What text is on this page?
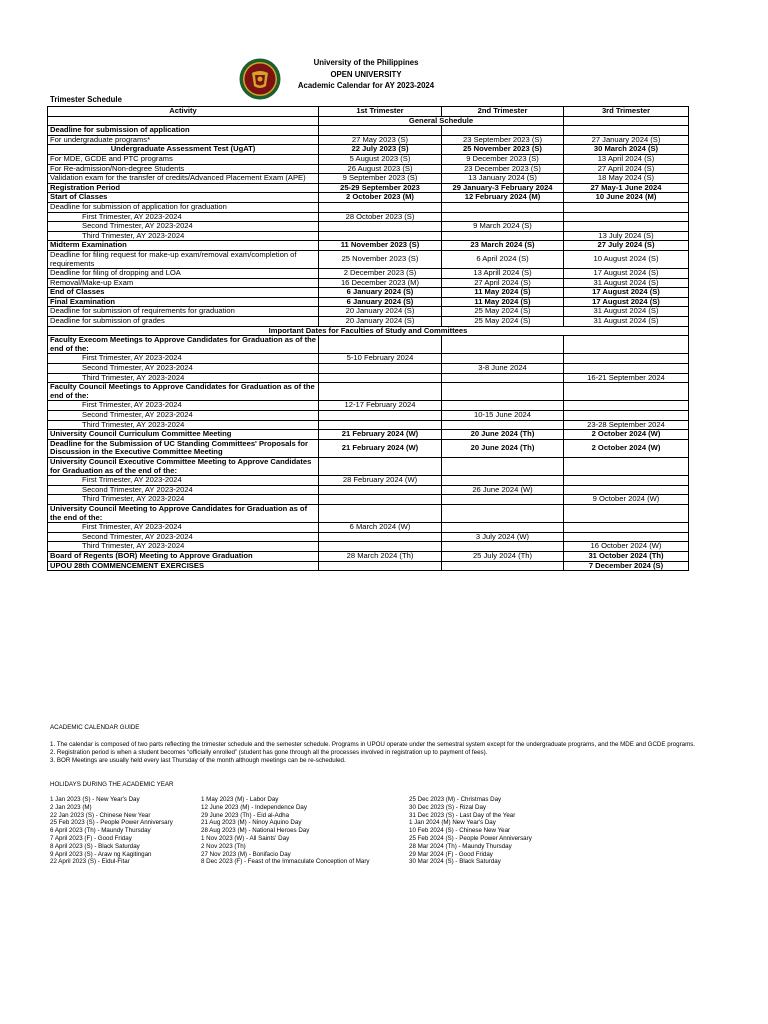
University of the Philippines
OPEN UNIVERSITY
Academic Calendar for AY 2023-2024
Trimester Schedule
Activity	1st Trimester	2nd Trimester	3rd Trimester
	General Schedule		
Deadline for submission of application			
For undergraduate programs*	27 May 2023 (S)	23 September 2023 (S)	27 January 2024 (S)
Undergraduate Assessment Test (UgAT)	22 July 2023 (S)	25 November 2023 (S)	30 March 2024 (S)
For MDE, GCDE and PTC programs	5 August 2023 (S)	9 December 2023 (S)	13 April 2024 (S)
For Re-admission/Non-degree Students	26 August 2023 (S)	23 December 2023 (S)	27 April 2024 (S)
Validation exam for the transfer of credits/Advanced Placement Exam (APE)	9 September 2023 (S)	13 January 2024 (S)	18 May 2024 (S)
Registration Period	25-29 September 2023	29 January-3 February 2024	27 May-1 June 2024
Start of Classes	2 October 2023 (M)	12 February 2024 (M)	10 June 2024 (M)
Deadline for submission of application for graduation			
First Trimester, AY 2023-2024	28 October 2023 (S)		
Second Trimester, AY 2023-2024		9 March 2024 (S)	
Third Trimester, AY 2023-2024			13 July 2024 (S)
Midterm Examination	11 November 2023 (S)	23 March 2024 (S)	27 July 2024 (S)
Deadline for filing request for make-up exam/removal exam/completion of requirements	25 November 2023 (S)	6 April 2024 (S)	10 August 2024 (S)
Deadline for filing of dropping and LOA	2 December 2023 (S)	13 Aprill 2024 (S)	17 August 2024 (S)
Removal/Make-up Exam	16 December 2023 (M)	27 April 2024 (S)	31 August 2024 (S)
End of Classes	6 January 2024 (S)	11 May 2024 (S)	17 August 2024 (S)
Final Examination	6 January 2024 (S)	11 May 2024 (S)	17 August 2024 (S)
Deadline for submission of requirements for graduation	20 January 2024 (S)	25 May 2024 (S)	31 August 2024 (S)
Deadline for submission of grades	20 January 2024 (S)	25 May 2024 (S)	31 August 2024 (S)
Important Dates for Faculties of Study and Committees			
Faculty Execom Meetings to Approve Candidates for Graduation as of the end of the:			
First Trimester, AY 2023-2024	5-10 February 2024		
Second Trimester, AY 2023-2024		3-8 June 2024	
Third Trimester, AY 2023-2024			16-21 September 2024
Faculty Council Meetings to Approve Candidates for Graduation as of the end of the:			
First Trimester, AY 2023-2024	12-17 February 2024		
Second Trimester, AY 2023-2024		10-15 June 2024	
Third Trimester, AY 2023-2024			23-28 September 2024
University Council Curriculum Committee Meeting	21 February 2024 (W)	20 June 2024 (Th)	2 October 2024 (W)
Deadline for the Submission of UC Standing Committees' Proposals for Discussion in the Executive Committee Meeting	21 February 2024 (W)	20 June 2024 (Th)	2 October 2024 (W)
University Council Executive Committee Meeting to Approve Candidates for Graduation as of the end of the:			
First Trimester, AY 2023-2024	28 February 2024 (W)		
Second Trimester, AY 2023-2024		26 June 2024 (W)	
Third Trimester, AY 2023-2024			9 October 2024 (W)
University Council Meeting to Approve Candidates for Graduation as of the end of the:			
First Trimester, AY 2023-2024	6 March 2024 (W)		
Second Trimester, AY 2023-2024		3 July 2024 (W)	
Third Trimester, AY 2023-2024			16 October 2024 (W)
Board of Regents (BOR) Meeting to Approve Graduation	28 March 2024 (Th)	25 July 2024 (Th)	31 October 2024 (Th)
UPOU 28th COMMENCEMENT EXERCISES			7 December 2024 (S)

ACADEMIC CALENDAR GUIDE

1. The calendar is composed of two parts reflecting the trimester schedule and the semester schedule. Programs in UPOU operate under the semestral system except for the undergraduate programs, and the MDE and GCDE programs.

2. Registration period is when a student becomes “officially enrolled” (student has gone through all the processes involved in registration up to payment of fees).

3. BOR Meetings are usually held every last Thursday of the month although meetings can be re-scheduled.

HOLIDAYS DURING THE ACADEMIC YEAR
1 Jan 2023 (S) - New Year's Day
2 Jan 2023 (M)
22 Jan 2023 (S) - Chinese New Year
25 Feb 2023 (S) - People Power Anniversary
6 April 2023 (Th) - Maundy Thursday
7 April 2023 (F) - Good Friday
8 April 2023 (S) - Black Saturday
9 April 2023 (S) - Araw ng Kagitingan
22 April 2023 (S) - Eidul-Fitar
1 May 2023 (M) - Labor Day
12 June 2023 (M) - Independence Day
29 June 2023 (Th) - Eid al-Adha
21 Aug 2023 (M) - Ninoy Aquino Day
28 Aug 2023 (M) - National Heroes Day
1 Nov 2023 (W) - All Saints' Day
2 Nov 2023 (Th)
27 Nov 2023 (M) - Bonifacio Day
8 Dec 2023 (F) - Feast of the Immaculate Conception of Mary
25 Dec 2023 (M) - Christmas Day
30 Dec 2023 (S) - Rizal Day
31 Dec 2023 (S) - Last Day of the Year
1 Jan 2024 (M) New Year's Day
10 Feb 2024 (S) - Chinese New Year
25 Feb 2024 (S) - People Power Anniversary
28 Mar 2024 (Th) - Maundy Thursday
29 Mar 2024 (F) - Good Friday
30 Mar 2024 (S) - Black Saturday
